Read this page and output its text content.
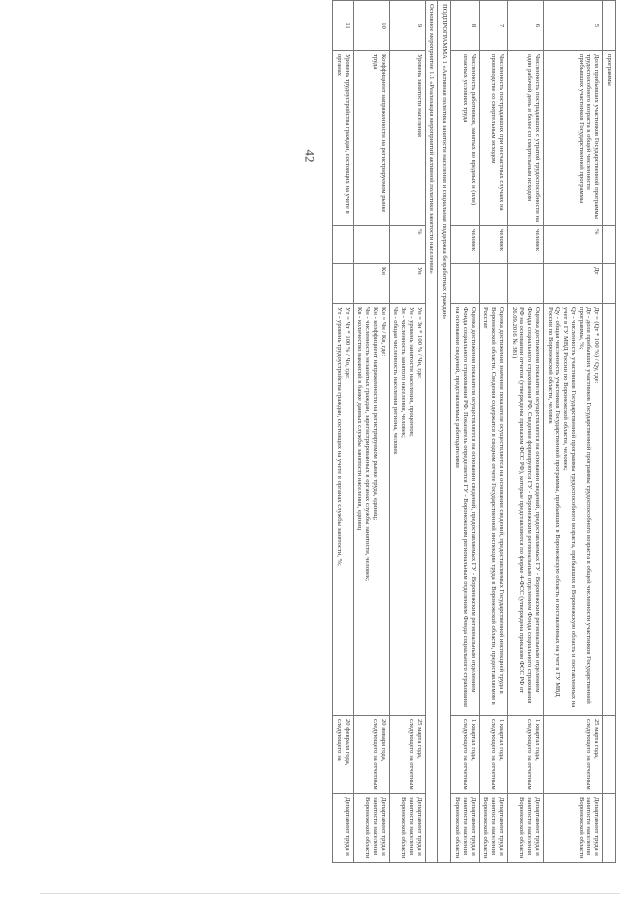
42
	программы					
5	Доля прибывших участников Государственной программы трудоспособного возраста в общей численности прибывших участников Государственной программы	%	Дт	Дт = (Qт * 100 %) / Qу, где:
Дт - доля прибывших участников Государственной программы трудоспособного возраста в общей численности участников Государственной программы, %;
Qт - численность участников Государственной программы трудоспособного возраста, прибывших в Воронежскую область и поставленных на учет в ГУ МВД России по Воронежской области, человек;
Qу - общая численность участников Государственной программы, прибывших в Воронежскую область и поставленных на учет в ГУ МВД России по Воронежской области, человек	25 марта года, следующего за отчетным	Департамент труда и занятости населения Воронежской области
6	Численность пострадавших с утратой трудоспособности на один рабочий день и более со смертельным исходом	человек		Оценка достижения показателя осуществляется на основании сведений, предоставляемых ГУ - Воронежским региональным отделением Фонда социального страхования РФ. Сведения формируются ГУ - Воронежским региональным отделением Фонда социального страхования РФ на основании отчетов (утверждены приказом ФСС РФ), которые представляются по форме 4-ФСС (утверждена приказом ФСС РФ от 26.09.2016 № 381)	1 квартал года, следующего за отчетным	Департамент труда и занятости населения Воронежской области
7	Численность пострадавших при несчастных случаях на производстве со смертельным исходом	человек		Оценка достижения значения показателя осуществляется на основании сведений, предоставляемых Государственной инспекцией труда в Воронежской области. Сведения содержатся в сводном отчете Государственной инспекции труда в Воронежской области, предоставляемом в Росстат	1 квартал года, следующего за отчетным	Департамент труда и занятости населения Воронежской области
8	Численность работников, занятых во вредных и (или) опасных условиях труда	человек		Оценка достижения показателя осуществляется на основании сведений, предоставляемых ГУ - Воронежским региональным отделением Фонда социального страхования РФ. Показатель определяется ГУ - Воронежским региональным отделением Фонда социального страхования на основании сведений, представляемых работодателями	1 квартал года, следующего за отчетным	Департамент труда и занятости населения Воронежской области
ПОДПРОГРАММА 1 «Активная политика занятости населения и социальная поддержка безработных граждан»						
Основное мероприятие 1.1 «Реализация мероприятий активной политики занятости населения»						
9	Уровень занятости населения	%	Ун	Ун = Зн * 100 % / Чн, где:
Ун - уровень занятости населения, процентов;
Зн - численность занятого населения, человек;
Чн - общая численность населения региона, человек	25 марта года, следующего за отчетным	Департамент труда и занятости населения Воронежской области
10	Коэффициент напряженности на регистрируемом рынке труда		Кн	Кн = Чн / Кв, где:
Кн - коэффициент напряженности на регистрируемом рынке труда, единиц;
Чн - численность незанятых граждан, зарегистрированных в органах службы занятости, человек;
Кв - количество вакансий в банке данных службы занятости населения, единиц	20 января года, следующего за отчетным	Департамент труда и занятости населения Воронежской области
11	Уровень трудоустройства граждан, состоящих на учете в органах			Ут = Чт * 100 % / Чо, где:
Ут - уровень трудоустройства граждан, состоящих на учете в органах службы занятости, %;	20 февраля года, следующего за	Департамент труда и
